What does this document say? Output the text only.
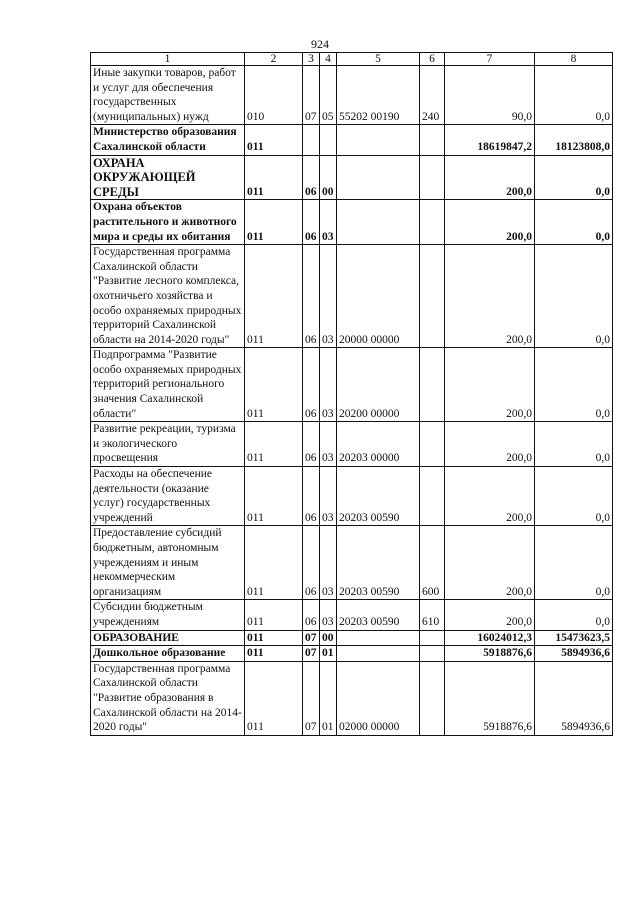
924
1	2	3	4	5	6	7	8
Иные закупки товаров, работ и услуг для обеспечения государственных (муниципальных) нужд	010	07	05	55202 00190	240	90,0	0,0
Министерство образования Сахалинской области	011					18619847,2	18123808,0
ОХРАНА ОКРУЖАЮЩЕЙ СРЕДЫ	011	06	00			200,0	0,0
Охрана объектов растительного и животного мира и среды их обитания	011	06	03			200,0	0,0
Государственная программа Сахалинской области "Развитие лесного комплекса, охотничьего хозяйства и особо охраняемых природных территорий Сахалинской области на 2014-2020 годы"	011	06	03	20000 00000		200,0	0,0
Подпрограмма "Развитие особо охраняемых природных территорий регионального значения Сахалинской области"	011	06	03	20200 00000		200,0	0,0
Развитие рекреации, туризма и экологического просвещения	011	06	03	20203 00000		200,0	0,0
Расходы на обеспечение деятельности (оказание услуг) государственных учреждений	011	06	03	20203 00590		200,0	0,0
Предоставление субсидий бюджетным, автономным учреждениям и иным некоммерческим организациям	011	06	03	20203 00590	600	200,0	0,0
Субсидии бюджетным учреждениям	011	06	03	20203 00590	610	200,0	0,0
ОБРАЗОВАНИЕ	011	07	00			16024012,3	15473623,5
Дошкольное образование	011	07	01			5918876,6	5894936,6
Государственная программа Сахалинской области "Развитие образования в Сахалинской области на 2014-2020 годы"	011	07	01	02000 00000		5918876,6	5894936,6
